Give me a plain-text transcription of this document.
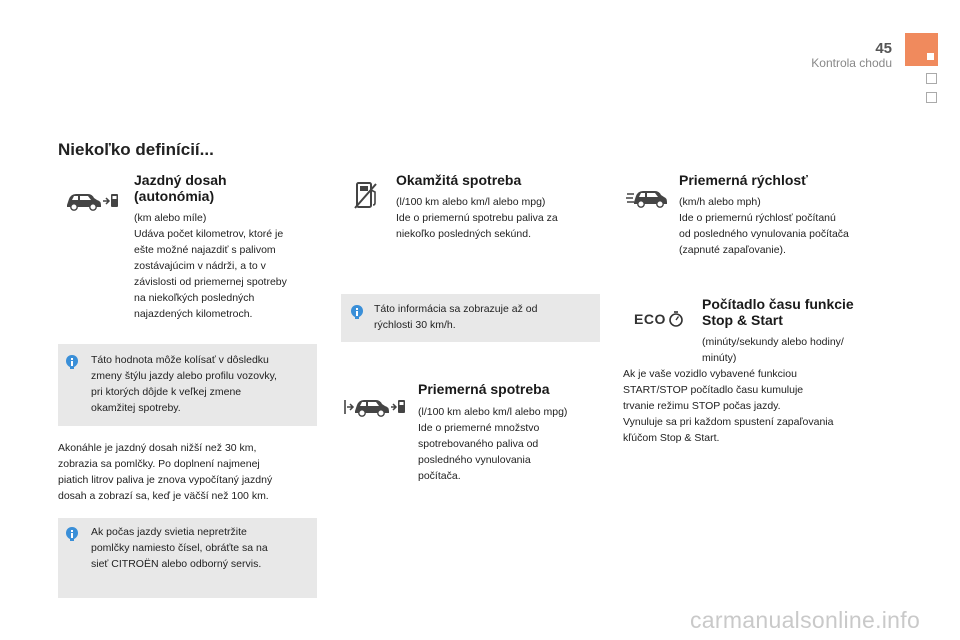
45
Kontrola chodu
Niekoľko definícií...
Jazdný dosah
(autonómia)
(km alebo míle)
Udáva počet kilometrov, ktoré je
ešte možné najazdiť s palivom
zostávajúcim v nádrži, a to v
závislosti od priemernej spotreby
na niekoľkých posledných
najazdených kilometroch.
Táto hodnota môže kolísať v dôsledku
zmeny štýlu jazdy alebo profilu vozovky,
pri ktorých dôjde k veľkej zmene
okamžitej spotreby.
Akonáhle je jazdný dosah nižší než 30 km,
zobrazia sa pomlčky. Po doplnení najmenej
piatich litrov paliva je znova vypočítaný jazdný
dosah a zobrazí sa, keď je väčší než 100 km.
Ak počas jazdy svietia nepretržite
pomlčky namiesto čísel, obráťte sa na
sieť CITROËN alebo odborný servis.
Okamžitá spotreba
(l/100 km alebo km/l alebo mpg)
Ide o priemernú spotrebu paliva za
niekoľko posledných sekúnd.
Táto informácia sa zobrazuje až od
rýchlosti 30 km/h.
Priemerná spotreba
(l/100 km alebo km/l alebo mpg)
Ide o priemerné množstvo
spotrebovaného paliva od
posledného vynulovania
počítača.
Priemerná rýchlosť
(km/h alebo mph)
Ide o priemernú rýchlosť počítanú
od posledného vynulovania počítača
(zapnuté zapaľovanie).
ECO
Počítadlo času funkcie
Stop & Start
(minúty/sekundy alebo hodiny/
minúty)
Ak je vaše vozidlo vybavené funkciou
START/STOP počítadlo času kumuluje
trvanie režimu STOP počas jazdy.
Vynuluje sa pri každom spustení zapaľovania
kľúčom Stop & Start.
carmanualsonline.info
